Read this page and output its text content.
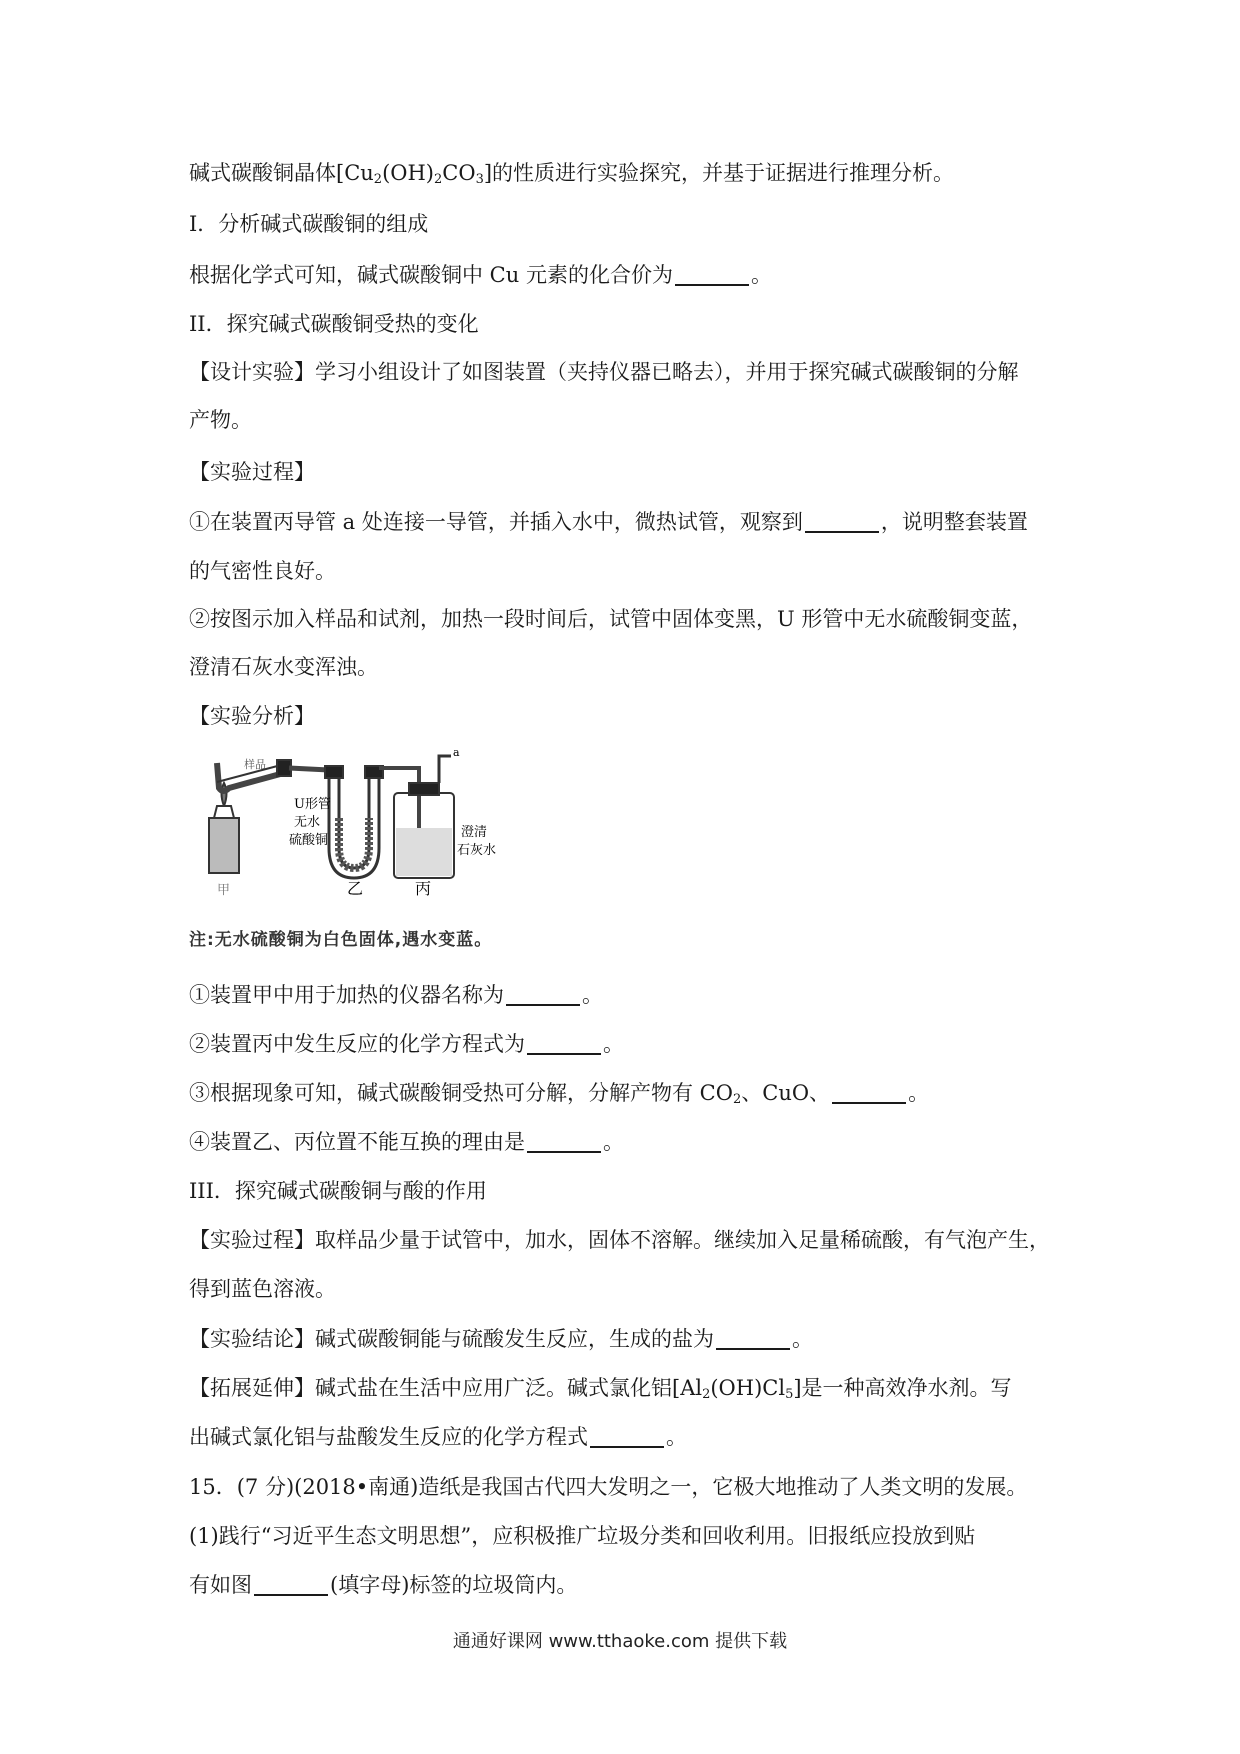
碱式碳酸铜晶体$[Cu_2(OH)_2CO_3]$的性质进行实验探究，并基于证据进行推理分析。
I．分析碱式碳酸铜的组成
根据化学式可知，碱式碳酸铜中 Cu 元素的化合价为	。
II．探究碱式碳酸铜受热的变化
【设计实验】学习小组设计了如图装置（夹持仪器已略去），并用于探究碱式碳酸铜的分解
产物。
【实验过程】
①在装置丙导管 a 处连接一导管，并插入水中，微热试管，观察到	，说明整套装置
的气密性良好。
②按图示加入样品和试剂，加热一段时间后，试管中固体变黑，U 形管中无水硫酸铜变蓝，
澄清石灰水变浑浊。
【实验分析】
样品
U形管
无水
硫酸铜
澄清
石灰水
a
甲	乙	丙
注:无水硫酸铜为白色固体,遇水变蓝。
①装置甲中用于加热的仪器名称为	。
②装置丙中发生反应的化学方程式为	。
③根据现象可知，碱式碳酸铜受热可分解，分解产物有 $CO_2$、CuO、	。
④装置乙、丙位置不能互换的理由是	。
III．探究碱式碳酸铜与酸的作用
【实验过程】取样品少量于试管中，加水，固体不溶解。继续加入足量稀硫酸，有气泡产生，
得到蓝色溶液。
【实验结论】碱式碳酸铜能与硫酸发生反应，生成的盐为	。
【拓展延伸】碱式盐在生活中应用广泛。碱式氯化铝$[Al_2(OH)Cl_5]$是一种高效净水剂。写
出碱式氯化铝与盐酸发生反应的化学方程式	。
15．(7 分)(2018•南通)造纸是我国古代四大发明之一，它极大地推动了人类文明的发展。
(1)践行“习近平生态文明思想”，应积极推广垃圾分类和回收利用。旧报纸应投放到贴
有如图	(填字母)标签的垃圾筒内。
通通好课网 www.tthaoke.com 提供下载
